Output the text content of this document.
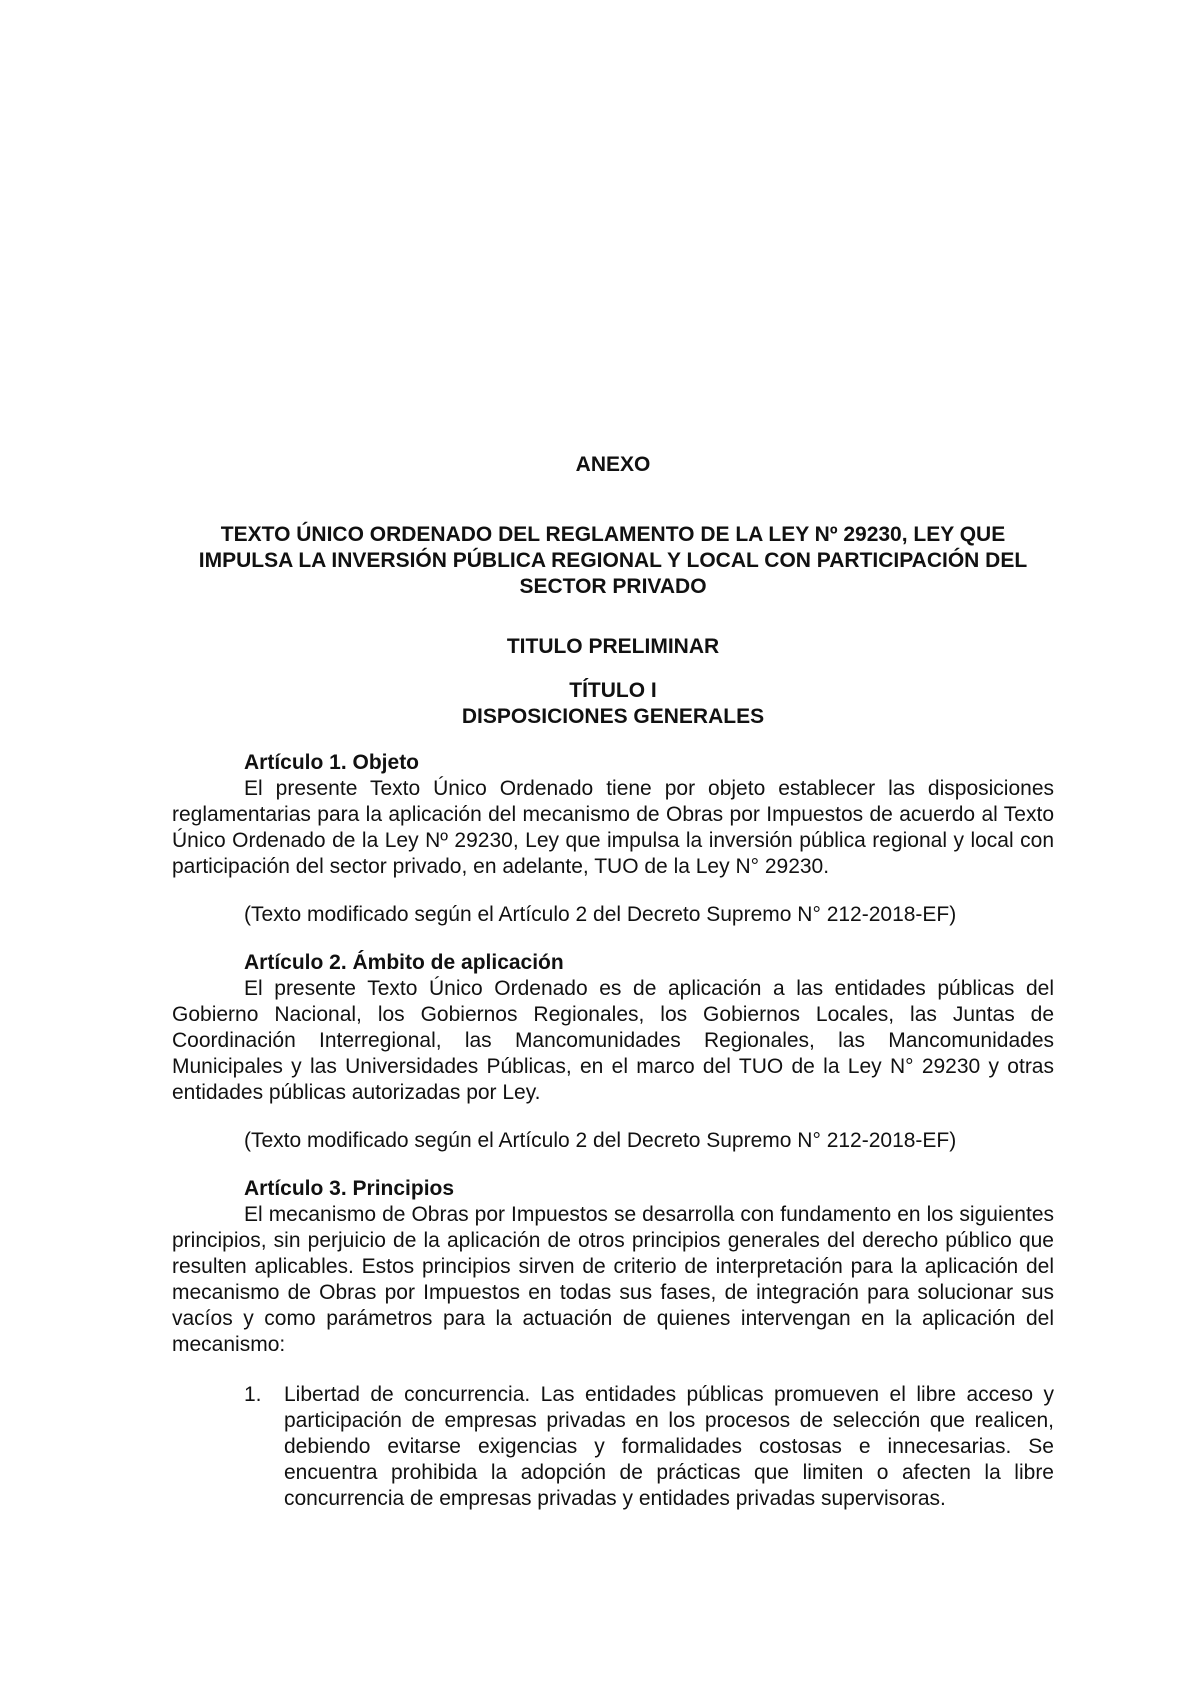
ANEXO
TEXTO ÚNICO ORDENADO DEL REGLAMENTO DE LA LEY Nº 29230, LEY QUE IMPULSA LA INVERSIÓN PÚBLICA REGIONAL Y LOCAL CON PARTICIPACIÓN DEL SECTOR PRIVADO
TITULO PRELIMINAR
TÍTULO I
DISPOSICIONES GENERALES

Artículo 1. Objeto

El presente Texto Único Ordenado tiene por objeto establecer las disposiciones reglamentarias para la aplicación del mecanismo de Obras por Impuestos de acuerdo al Texto Único Ordenado de la Ley Nº 29230, Ley que impulsa la inversión pública regional y local con participación del sector privado, en adelante, TUO de la Ley N° 29230.

(Texto modificado según el Artículo 2 del Decreto Supremo N° 212-2018-EF)

Artículo 2. Ámbito de aplicación

El presente Texto Único Ordenado es de aplicación a las entidades públicas del Gobierno Nacional, los Gobiernos Regionales, los Gobiernos Locales, las Juntas de Coordinación Interregional, las Mancomunidades Regionales, las Mancomunidades Municipales y las Universidades Públicas, en el marco del TUO de la Ley N° 29230 y otras entidades públicas autorizadas por Ley.

(Texto modificado según el Artículo 2 del Decreto Supremo N° 212-2018-EF)

Artículo 3. Principios

El mecanismo de Obras por Impuestos se desarrolla con fundamento en los siguientes principios, sin perjuicio de la aplicación de otros principios generales del derecho público que resulten aplicables. Estos principios sirven de criterio de interpretación para la aplicación del mecanismo de Obras por Impuestos en todas sus fases, de integración para solucionar sus vacíos y como parámetros para la actuación de quienes intervengan en la aplicación del mecanismo:

1. Libertad de concurrencia. Las entidades públicas promueven el libre acceso y participación de empresas privadas en los procesos de selección que realicen, debiendo evitarse exigencias y formalidades costosas e innecesarias. Se encuentra prohibida la adopción de prácticas que limiten o afecten la libre concurrencia de empresas privadas y entidades privadas supervisoras.
